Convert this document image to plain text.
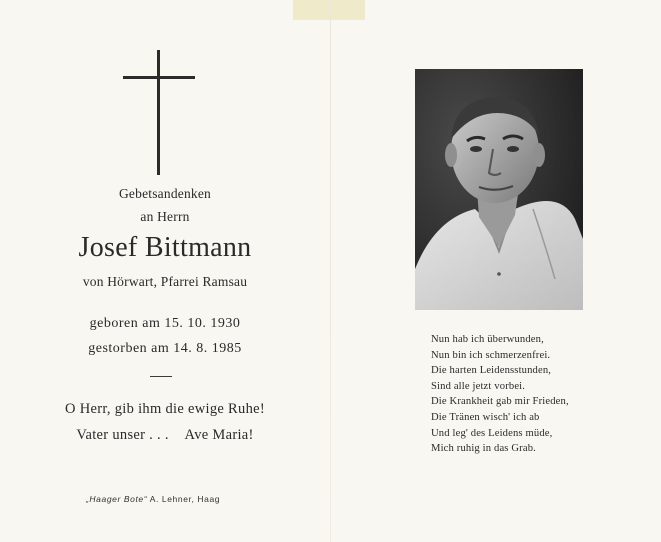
Gebetsandenken
an Herrn
Josef Bittmann
von Hörwart, Pfarrei Ramsau
geboren am 15. 10. 1930
gestorben am 14. 8. 1985
O Herr, gib ihm die ewige Ruhe!
Vater unser . . . Ave Maria!
„Haager Bote“ A. Lehner, Haag
Nun hab ich überwunden,
Nun bin ich schmerzenfrei.
Die harten Leidensstunden,
Sind alle jetzt vorbei.
Die Krankheit gab mir Frieden,
Die Tränen wisch' ich ab
Und leg' des Leidens müde,
Mich ruhig in das Grab.
